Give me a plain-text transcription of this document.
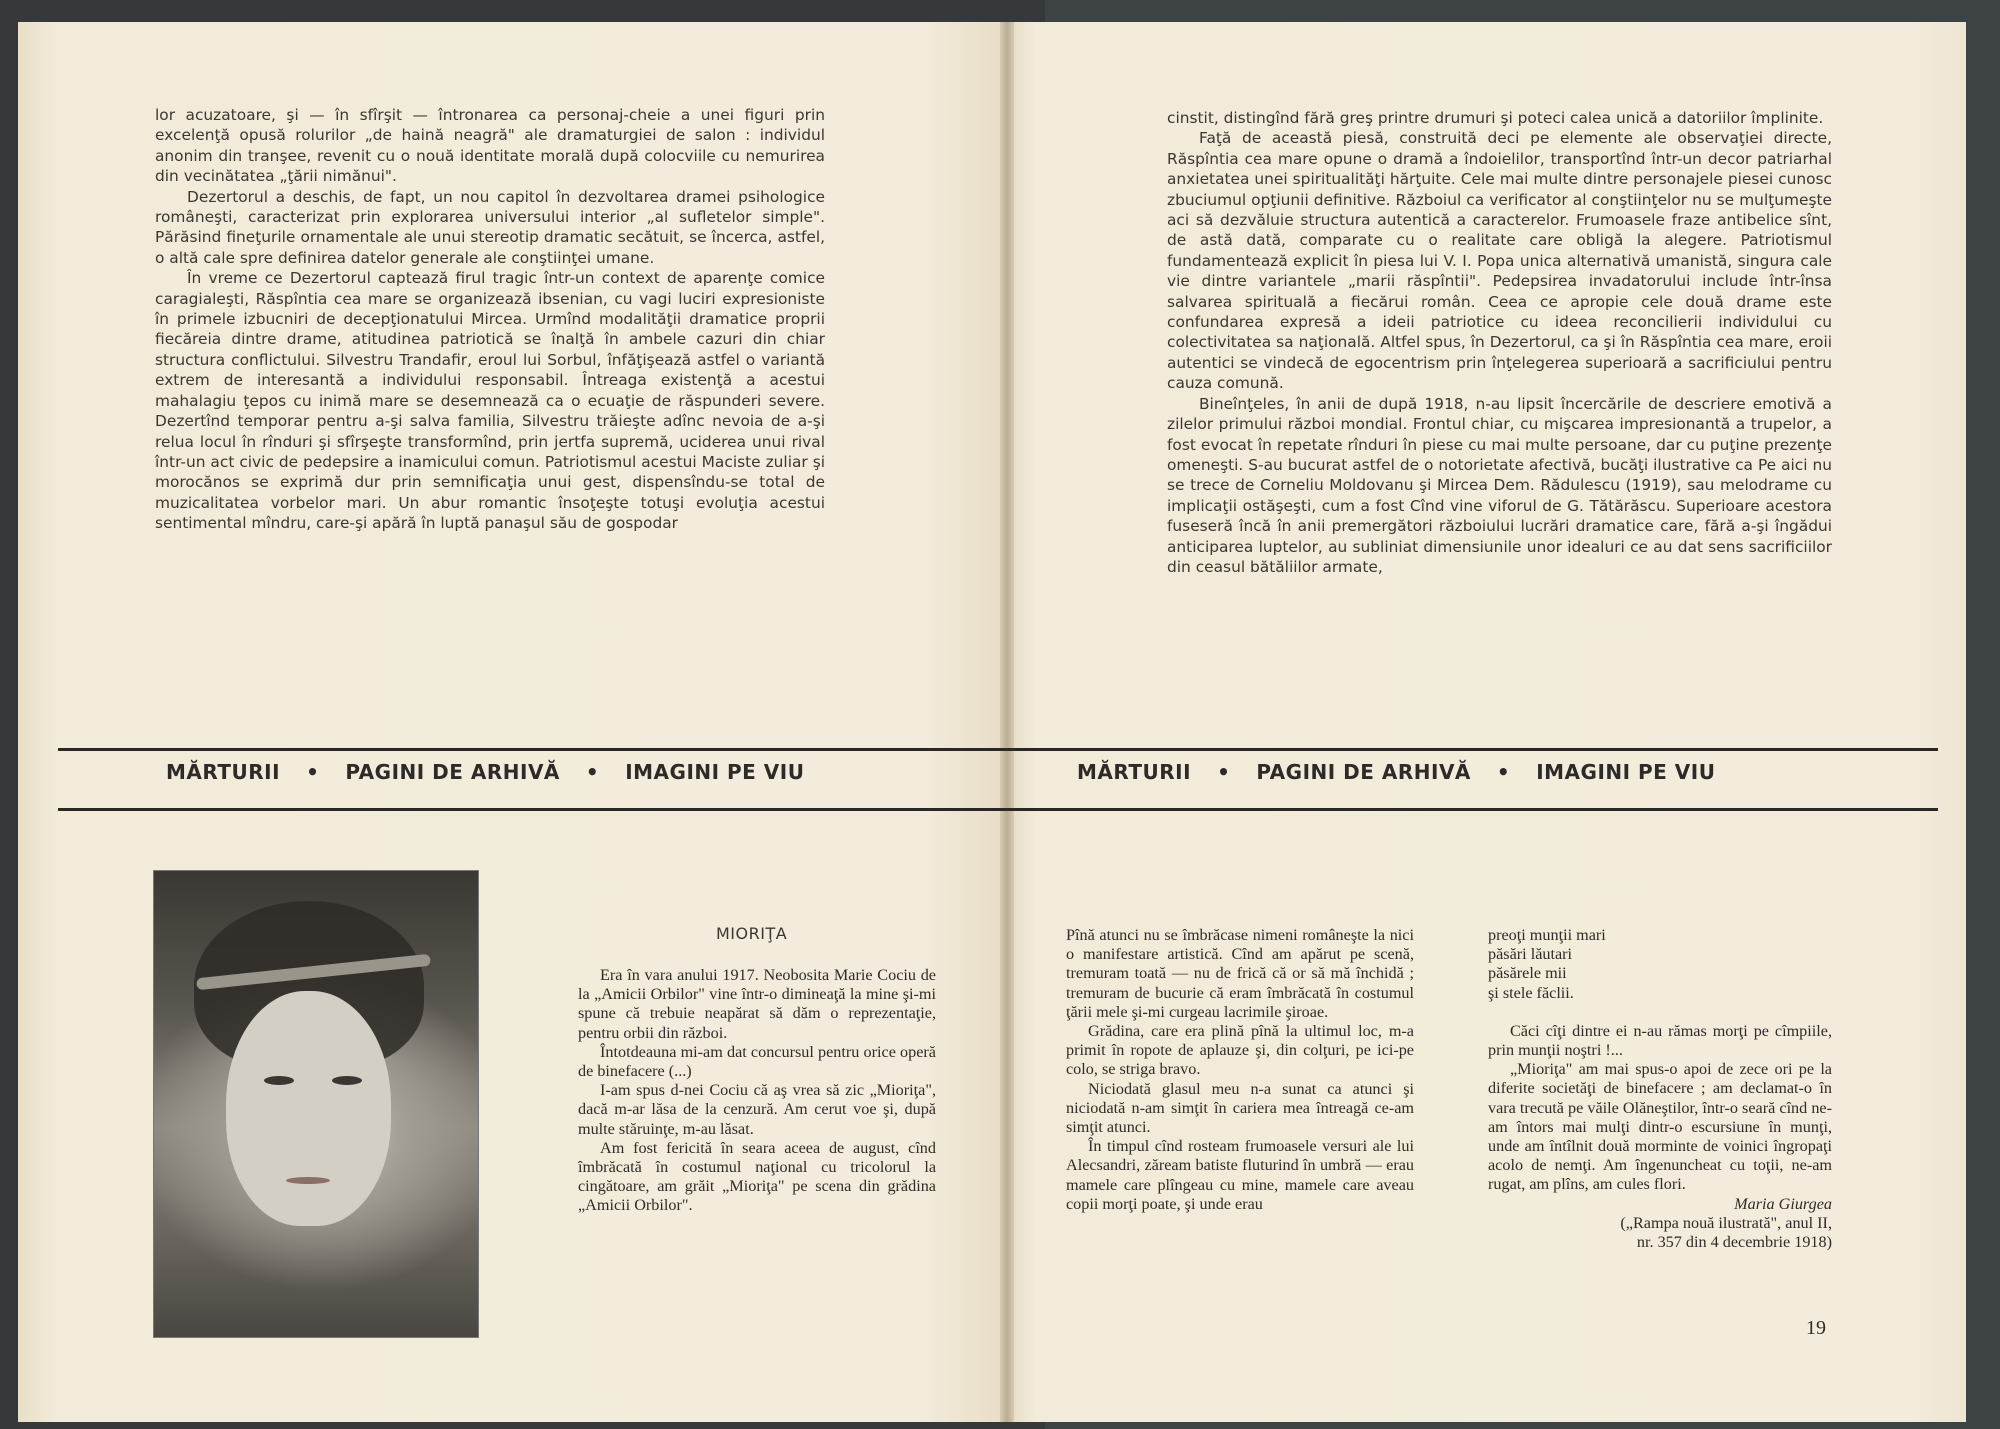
lor acuzatoare, şi — în sfîrşit — întronarea ca personaj-cheie a unei figuri prin excelenţă opusă rolurilor „de haină neagră" ale dramaturgiei de salon : individul anonim din tranşee, revenit cu o nouă identitate morală după colocviile cu nemurirea din vecinătatea „ţării nimănui".

Dezertorul a deschis, de fapt, un nou capitol în dezvoltarea dramei psihologice româneşti, caracterizat prin explorarea universului interior „al sufletelor simple". Părăsind fineţurile ornamentale ale unui stereotip dramatic secătuit, se încerca, astfel, o altă cale spre definirea datelor generale ale conştiinţei umane.

În vreme ce Dezertorul captează firul tragic într-un context de aparenţe comice caragialeşti, Răspîntia cea mare se organizează ibsenian, cu vagi luciri expresioniste în primele izbucniri de decepţionatului Mircea. Urmînd modalităţii dramatice proprii fiecăreia dintre drame, atitudinea patriotică se înalţă în ambele cazuri din chiar structura conflictului. Silvestru Trandafir, eroul lui Sorbul, înfăţişează astfel o variantă extrem de interesantă a individului responsabil. Întreaga existenţă a acestui mahalagiu ţepos cu inimă mare se desemnează ca o ecuaţie de răspunderi severe. Dezertînd temporar pentru a-şi salva familia, Silvestru trăieşte adînc nevoia de a-şi relua locul în rînduri şi sfîrşeşte transformînd, prin jertfa supremă, uciderea unui rival într-un act civic de pedepsire a inamicului comun. Patriotismul acestui Maciste zuliar şi morocănos se exprimă dur prin semnificaţia unui gest, dispensîndu-se total de muzicalitatea vorbelor mari. Un abur romantic însoţeşte totuşi evoluţia acestui sentimental mîndru, care-şi apără în luptă panaşul său de gospodar

cinstit, distingînd fără greş printre drumuri şi poteci calea unică a datoriilor împlinite.

Faţă de această piesă, construită deci pe elemente ale observaţiei directe, Răspîntia cea mare opune o dramă a îndoielilor, transportînd într-un decor patriarhal anxietatea unei spiritualităţi hărţuite. Cele mai multe dintre personajele piesei cunosc zbuciumul opţiunii definitive. Războiul ca verificator al conştiinţelor nu se mulţumeşte aci să dezvăluie structura autentică a caracterelor. Frumoasele fraze antibelice sînt, de astă dată, comparate cu o realitate care obligă la alegere. Patriotismul fundamentează explicit în piesa lui V. I. Popa unica alternativă umanistă, singura cale vie dintre variantele „marii răspîntii". Pedepsirea invadatorului include într-însa salvarea spirituală a fiecărui român. Ceea ce apropie cele două drame este confundarea expresă a ideii patriotice cu ideea reconcilierii individului cu colectivitatea sa naţională. Altfel spus, în Dezertorul, ca şi în Răspîntia cea mare, eroii autentici se vindecă de egocentrism prin înţelegerea superioară a sacrificiului pentru cauza comună.

Bineînţeles, în anii de după 1918, n-au lipsit încercările de descriere emotivă a zilelor primului război mondial. Frontul chiar, cu mişcarea impresionantă a trupelor, a fost evocat în repetate rînduri în piese cu mai multe persoane, dar cu puţine prezenţe omeneşti. S-au bucurat astfel de o notorietate afectivă, bucăţi ilustrative ca Pe aici nu se trece de Corneliu Moldovanu şi Mircea Dem. Rădulescu (1919), sau melodrame cu implicaţii ostăşeşti, cum a fost Cînd vine viforul de G. Tătărăscu. Superioare acestora fuseseră încă în anii premergători războiului lucrări dramatice care, fără a-şi îngădui anticiparea luptelor, au subliniat dimensiunile unor idealuri ce au dat sens sacrificiilor din ceasul bătăliilor armate,

MĂRTURII • PAGINI DE ARHIVĂ • IMAGINI PE VIU	MĂRTURII • PAGINI DE ARHIVĂ • IMAGINI PE VIU
MIORIŢA

Era în vara anului 1917. Neobosita Marie Cociu de la „Amicii Orbilor" vine într-o dimineaţă la mine şi-mi spune că trebuie neapărat să dăm o reprezentaţie, pentru orbii din război.

Întotdeauna mi-am dat concursul pentru orice operă de binefacere (...)

I-am spus d-nei Cociu că aş vrea să zic „Mioriţa", dacă m-ar lăsa de la cenzură. Am cerut voe şi, după multe stăruinţe, m-au lăsat.

Am fost fericită în seara aceea de august, cînd îmbrăcată în costumul naţional cu tricolorul la cingătoare, am grăit „Mioriţa" pe scena din grădina „Amicii Orbilor".

Pînă atunci nu se îmbrăcase nimeni româneşte la nici o manifestare artistică. Cînd am apărut pe scenă, tremuram toată — nu de frică că or să mă închidă ; tremuram de bucurie că eram îmbrăcată în costumul ţării mele şi-mi curgeau lacrimile şiroae.

Grădina, care era plină pînă la ultimul loc, m-a primit în ropote de aplauze şi, din colţuri, pe ici-pe colo, se striga bravo.

Niciodată glasul meu n-a sunat ca atunci şi niciodată n-am simţit în cariera mea întreagă ce-am simţit atunci.

În timpul cînd rosteam frumoasele versuri ale lui Alecsandri, zăream batiste fluturind în umbră — erau mamele care plîngeau cu mine, mamele care aveau copii morţi poate, şi unde erau

preoţi munţii mari

păsări lăutari

păsărele mii

şi stele făclii.

Căci cîţi dintre ei n-au rămas morţi pe cîmpiile, prin munţii noştri !...

„Mioriţa" am mai spus-o apoi de zece ori pe la diferite societăţi de binefacere ; am declamat-o în vara trecută pe văile Olăneştilor, într-o seară cînd ne-am întors mai mulţi dintr-o escursiune în munţi, unde am întîlnit două morminte de voinici îngropaţi acolo de nemţi. Am îngenuncheat cu toţii, ne-am rugat, am plîns, am cules flori.

Maria Giurgea

(„Rampa nouă ilustrată", anul II,

nr. 357 din 4 decembrie 1918)

19
